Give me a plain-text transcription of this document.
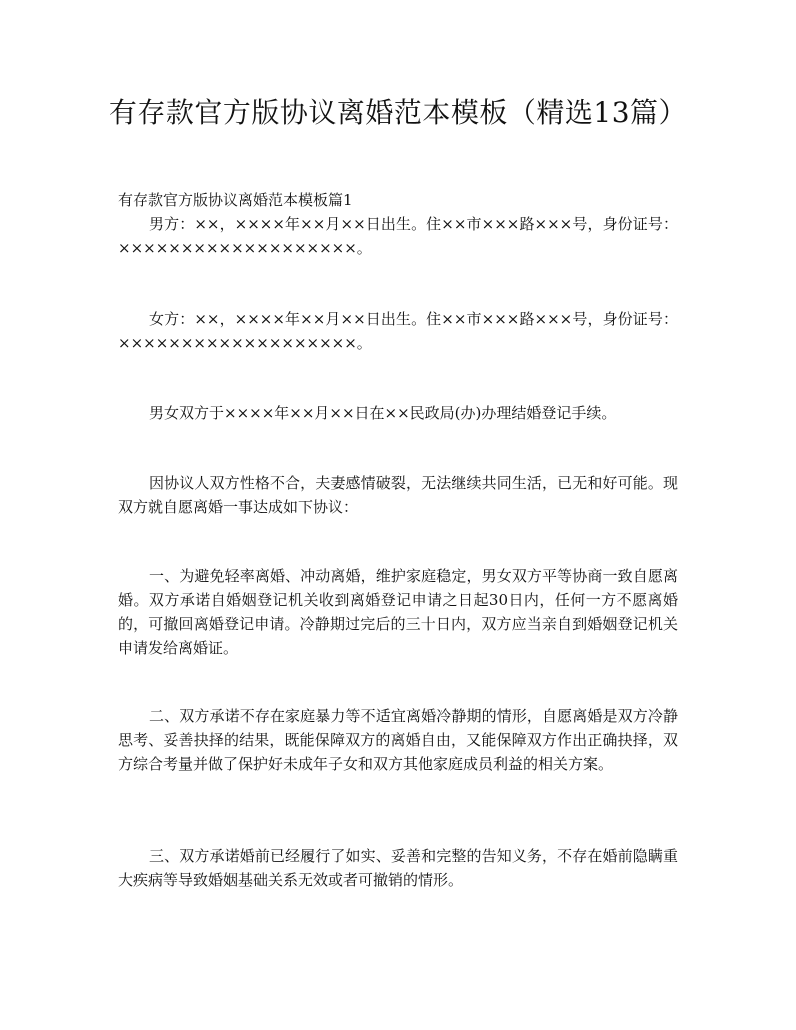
有存款官方版协议离婚范本模板（精选13篇）

有存款官方版协议离婚范本模板篇1

男方：××，××××年××月××日出生。住××市×××路×××号，身份证号：×××××××××××××××××××。

女方：××，××××年××月××日出生。住××市×××路×××号，身份证号：×××××××××××××××××××。

男女双方于××××年××月××日在××民政局(办)办理结婚登记手续。

因协议人双方性格不合，夫妻感情破裂，无法继续共同生活，已无和好可能。现双方就自愿离婚一事达成如下协议：

一、为避免轻率离婚、冲动离婚，维护家庭稳定，男女双方平等协商一致自愿离婚。双方承诺自婚姻登记机关收到离婚登记申请之日起30日内，任何一方不愿离婚的，可撤回离婚登记申请。冷静期过完后的三十日内，双方应当亲自到婚姻登记机关申请发给离婚证。

二、双方承诺不存在家庭暴力等不适宜离婚冷静期的情形，自愿离婚是双方冷静思考、妥善抉择的结果，既能保障双方的离婚自由，又能保障双方作出正确抉择，双方综合考量并做了保护好未成年子女和双方其他家庭成员利益的相关方案。

三、双方承诺婚前已经履行了如实、妥善和完整的告知义务，不存在婚前隐瞒重大疾病等导致婚姻基础关系无效或者可撤销的情形。
